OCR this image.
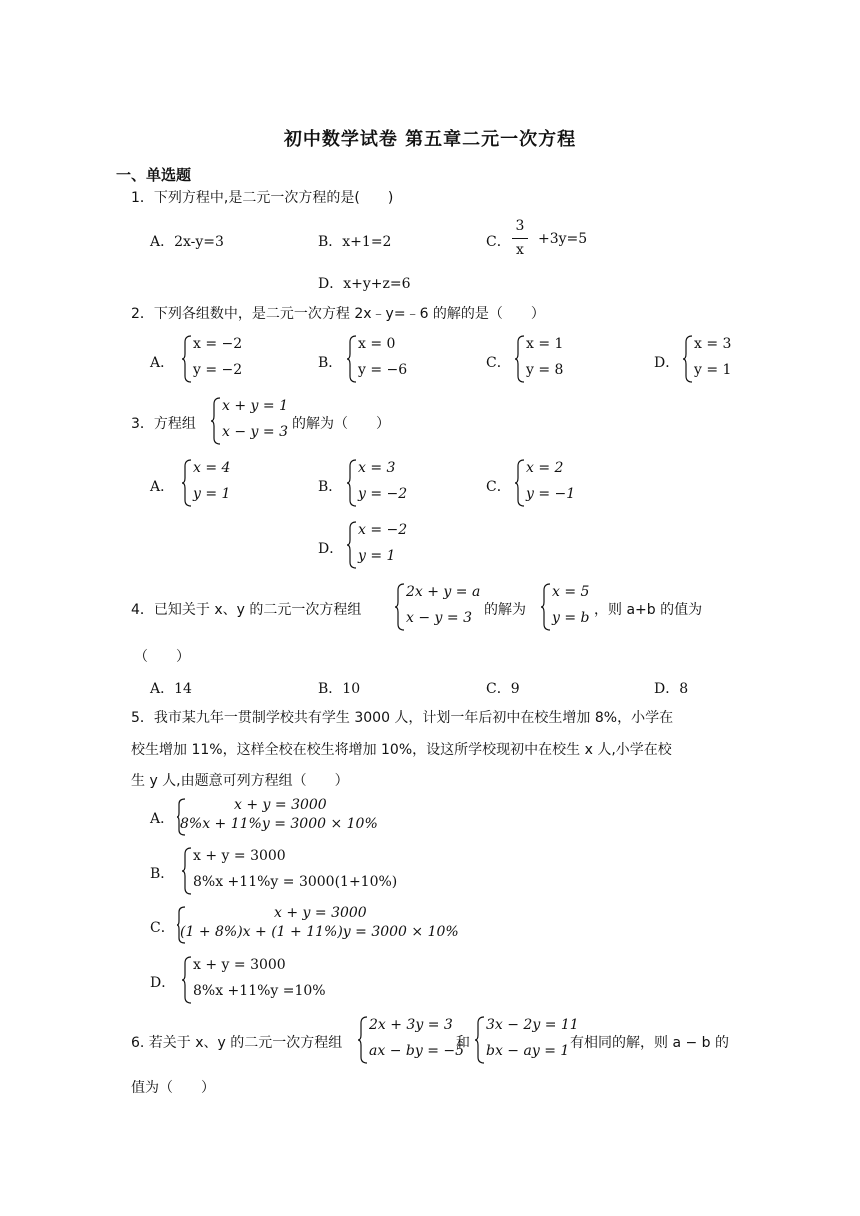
初中数学试卷 第五章二元一次方程
一、单选题
1．下列方程中,是二元一次方程的是(　　)
A．2x-y=3	B．x+1=2	C．
3
x
+3y=5
D．x+y+z=6
2．下列各组数中，是二元一次方程 2x﹣y=﹣6 的解的是（　　）
A．
x = −2
y = −2	B．
x = 0
y = −6	C．
x = 1
y = 8	D．
x = 3
y = 1
3．方程组
x + y = 1
x − y = 3 的解为（　　）
A．
x = 4
y = 1	B．
x = 3
y = −2	C．
x = 2
y = −1
D．
x = −2
y = 1
4．已知关于 x、y 的二元一次方程组
2x + y = a
x − y = 3 的解为
x = 5
y = b ，则 a+b 的值为
（　　）
A．14	B．10	C．9	D．8
5．我市某九年一贯制学校共有学生 3000 人，计划一年后初中在校生增加 8%，小学在
校生增加 11%，这样全校在校生将增加 10%，设这所学校现初中在校生 x 人,小学在校
生 y 人,由题意可列方程组（　　）
A．
x + y = 3000
8%x + 11%y = 3000 × 10%
B．
x + y = 3000
8%x +11%y = 3000(1+10%)
C．
x + y = 3000
(1 + 8%)x + (1 + 11%)y = 3000 × 10%
D．
x + y = 3000
8%x +11%y =10%
6. 若关于 x、y 的二元一次方程组
2x + 3y = 3
ax − by = −5
和
3x − 2y = 11
bx − ay = 1 有相同的解，则 a − b 的
值为（　　）
